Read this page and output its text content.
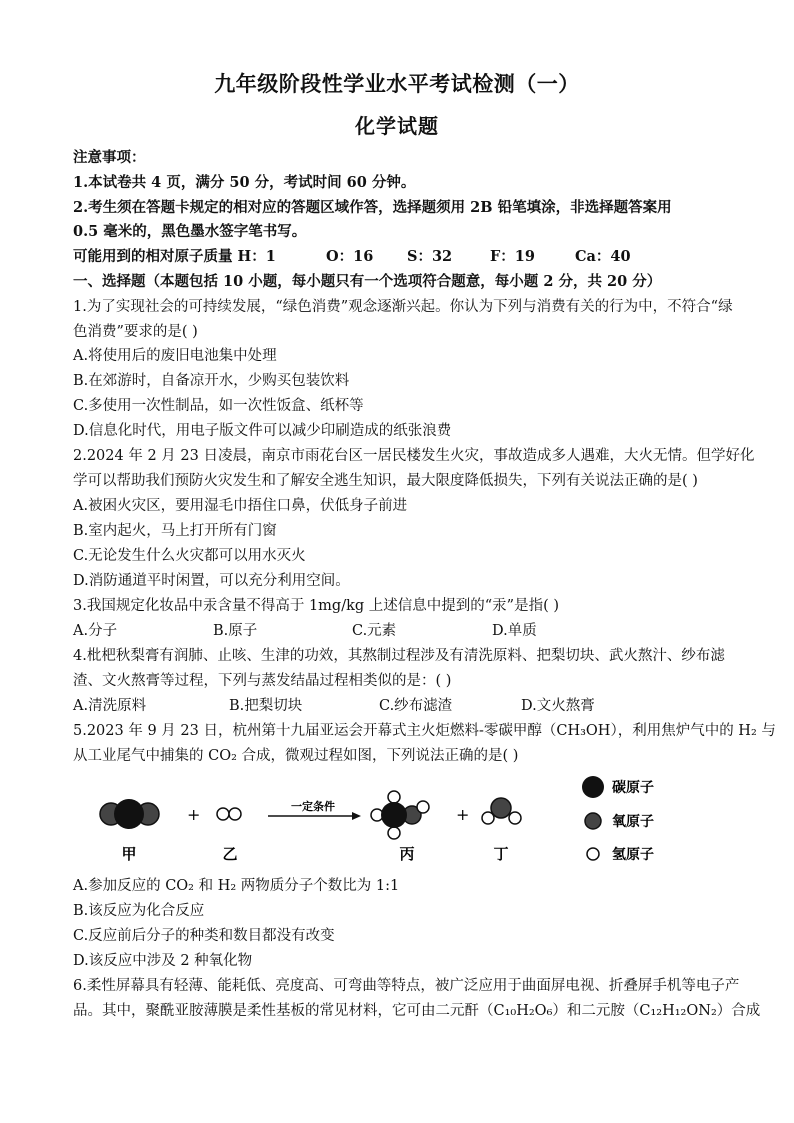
九年级阶段性学业水平考试检测（一）
化学试题
注意事项：
1.本试卷共 4 页，满分 50 分，考试时间 60 分钟。
2.考生须在答题卡规定的相对应的答题区域作答，选择题须用 2B 铅笔填涂，非选择题答案用
0.5 毫米的，黑色墨水签字笔书写。
可能用到的相对原子质量 H：1	O：16 S：32	F：19	Ca：40
一、选择题（本题包括 10 小题，每小题只有一个选项符合题意，每小题 2 分，共 20 分）
1.为了实现社会的可持续发展，“绿色消费”观念逐渐兴起。你认为下列与消费有关的行为中，不符合“绿
色消费”要求的是( )
A.将使用后的废旧电池集中处理
B.在郊游时，自备凉开水，少购买包装饮料
C.多使用一次性制品，如一次性饭盒、纸杯等
D.信息化时代，用电子版文件可以减少印刷造成的纸张浪费
2.2024 年 2 月 23 日凌晨，南京市雨花台区一居民楼发生火灾，事故造成多人遇难，大火无情。但学好化
学可以帮助我们预防火灾发生和了解安全逃生知识，最大限度降低损失，下列有关说法正确的是( )
A.被困火灾区，要用湿毛巾捂住口鼻，伏低身子前进
B.室内起火，马上打开所有门窗
C.无论发生什么火灾都可以用水灭火
D.消防通道平时闲置，可以充分利用空间。
3.我国规定化妆品中汞含量不得高于 1mg/kg 上述信息中提到的“汞”是指( )
A.分子	B.原子	C.元素	D.单质
4.枇杷秋梨膏有润肺、止咳、生津的功效，其熬制过程涉及有清洗原料、把梨切块、武火熬汁、纱布滤
渣、文火熬膏等过程，下列与蒸发结晶过程相类似的是：( )
A.清洗原料	B.把梨切块	C.纱布滤渣	D.文火熬膏
5.2023 年 9 月 23 日，杭州第十九届亚运会开幕式主火炬燃料-零碳甲醇（CH₃OH），利用焦炉气中的 H₂ 与
从工业尾气中捕集的 CO₂ 合成，微观过程如图，下列说法正确的是( )
+	一定条件	+
甲	乙	丙	丁
碳原子
氧原子
氢原子
A.参加反应的 CO₂ 和 H₂ 两物质分子个数比为 1:1
B.该反应为化合反应
C.反应前后分子的种类和数目都没有改变
D.该反应中涉及 2 种氧化物
6.柔性屏幕具有轻薄、能耗低、亮度高、可弯曲等特点，被广泛应用于曲面屏电视、折叠屏手机等电子产
品。其中，聚酰亚胺薄膜是柔性基板的常见材料，它可由二元酐（C₁₀H₂O₆）和二元胺（C₁₂H₁₂ON₂）合成
